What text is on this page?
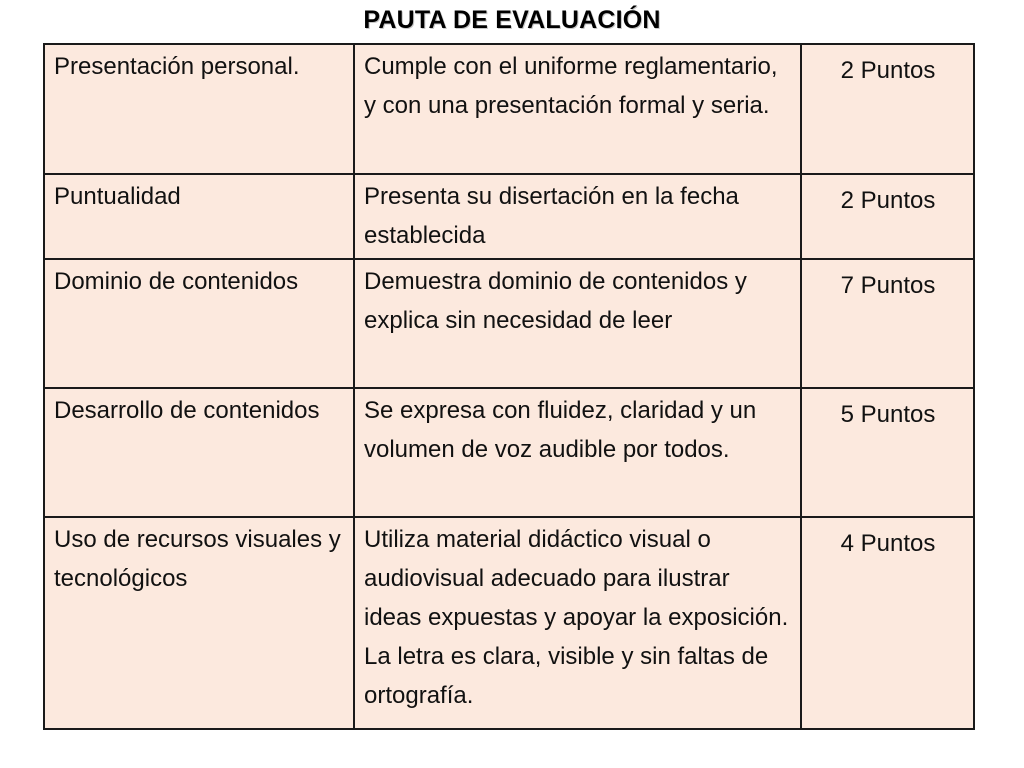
PAUTA DE EVALUACIÓN
Presentación personal.	Cumple con el uniforme reglamentario, y con una presentación formal y seria.	2 Puntos
Puntualidad	Presenta su disertación en la fecha establecida	2 Puntos
Dominio de contenidos	Demuestra dominio de contenidos y explica sin necesidad de leer	7 Puntos
Desarrollo de contenidos	Se expresa con fluidez, claridad y un volumen de voz audible por todos.	5 Puntos
Uso de recursos visuales y tecnológicos	Utiliza material didáctico visual o audiovisual adecuado para ilustrar ideas expuestas y apoyar la exposición. La letra es clara, visible y sin faltas de ortografía.	4 Puntos
